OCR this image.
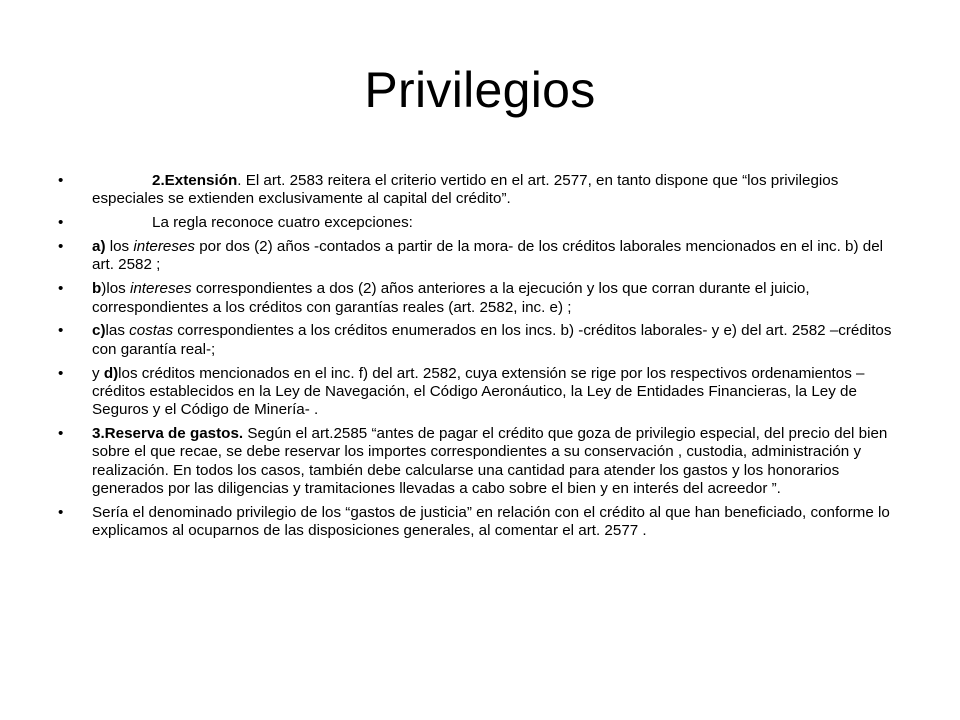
Privilegios
•	2.Extensión. El art. 2583 reitera el criterio vertido en el art. 2577, en tanto dispone que “los privilegios especiales se extienden exclusivamente al capital del crédito”.
•	La regla reconoce cuatro excepciones:
•	a) los intereses por dos (2) años -contados a partir de la mora- de los créditos laborales mencionados en el inc. b) del art. 2582 ;
•	b)los intereses correspondientes a dos (2) años anteriores a la ejecución y los que corran durante el juicio, correspondientes a los créditos con garantías reales (art. 2582, inc. e) ;
•	c)las costas correspondientes a los créditos enumerados en los incs. b) -créditos laborales- y e) del art. 2582 –créditos con garantía real-;
•	y d)los créditos mencionados en el inc. f) del art. 2582, cuya extensión se rige por los respectivos ordenamientos –créditos establecidos en la Ley de Navegación, el Código Aeronáutico, la Ley de Entidades Financieras, la Ley de Seguros y el Código de Minería- .
•	3.Reserva de gastos. Según el art.2585 “antes de pagar el crédito que goza de privilegio especial, del precio del bien sobre el que recae, se debe reservar los importes correspondientes a su conservación , custodia, administración y realización. En todos los casos, también debe calcularse una cantidad para atender los gastos y los honorarios generados por las diligencias y tramitaciones llevadas a cabo sobre el bien y en interés del acreedor ”.
•	Sería el denominado privilegio de los “gastos de justicia” en relación con el crédito al que han beneficiado, conforme lo explicamos al ocuparnos de las disposiciones generales, al comentar el art. 2577 .
